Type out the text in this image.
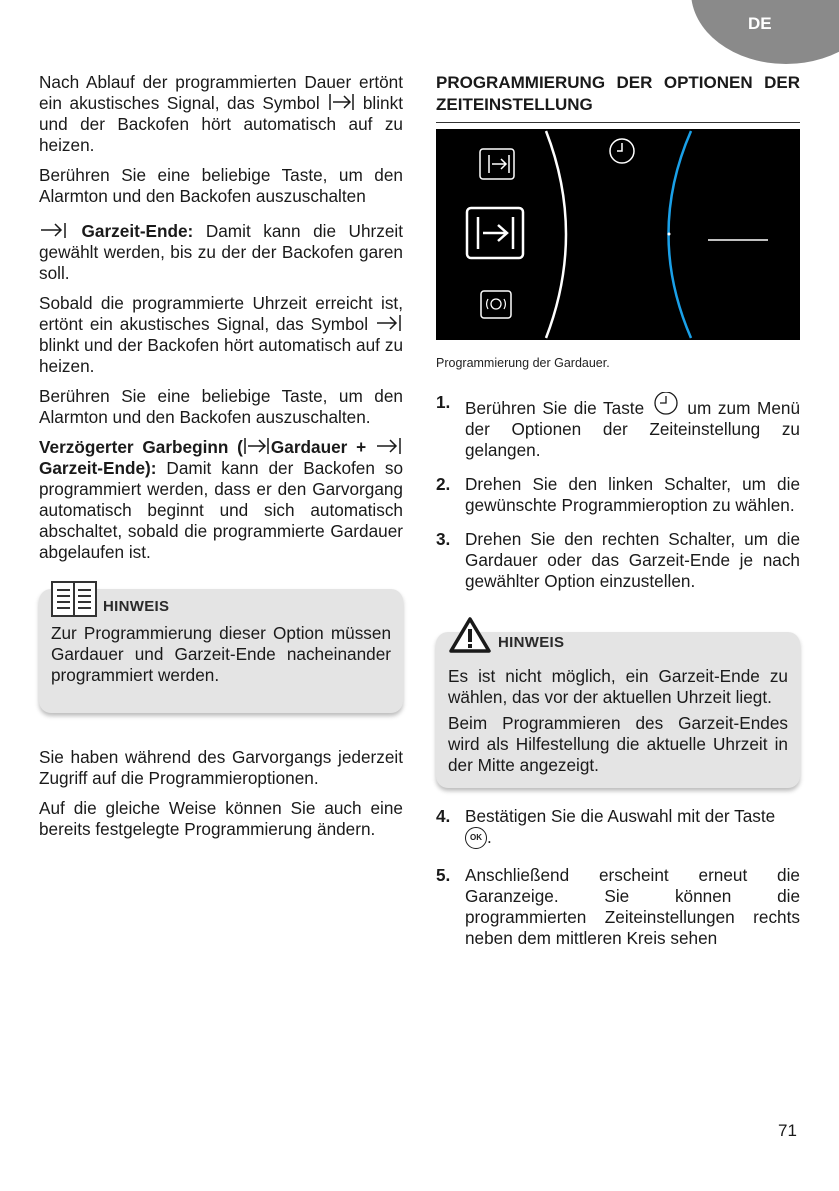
DE

Nach Ablauf der programmierten Dauer ertönt ein akustisches Signal, das Symbol	blinkt und der Backofen hört automatisch auf zu heizen.

Berühren Sie eine beliebige Taste, um den Alarmton und den Backofen auszuschalten

Garzeit-Ende: Damit kann die Uhrzeit gewählt werden, bis zu der der Backofen garen soll.

Sobald die programmierte Uhrzeit erreicht ist, ertönt ein akustisches Signal, das Symbol  blinkt und der Backofen hört automatisch auf zu heizen.

Berühren Sie eine beliebige Taste, um den Alarmton und den Backofen auszuschalten.

Verzögerter Garbeginn ( Gardauer +  Garzeit-Ende): Damit kann der Backofen so programmiert werden, dass er den Garvorgang automatisch beginnt und sich automatisch abschaltet, sobald die programmierte Gardauer abgelaufen ist.

HINWEIS

Zur Programmierung dieser Option müssen Gardauer und Garzeit-Ende nacheinander programmiert werden.

Sie haben während des Garvorgangs jederzeit Zugriff auf die Programmieroptionen.

Auf die gleiche Weise können Sie auch eine bereits festgelegte Programmierung ändern.

PROGRAMMIERUNG DER OPTIONEN DER ZEITEINSTELLUNG
Programmierung der Gardauer.
1. Berühren Sie die Taste	um zum Menü der Optionen der Zeiteinstellung zu gelangen.
2. Drehen Sie den linken Schalter, um die gewünschte Programmieroption zu wählen.
3. Drehen Sie den rechten Schalter, um die Gardauer oder das Garzeit-Ende je nach gewählter Option einzustellen.
HINWEIS

Es ist nicht möglich, ein Garzeit-Ende zu wählen, das vor der aktuellen Uhrzeit liegt.

Beim Programmieren des Garzeit-Endes wird als Hilfestellung die aktuelle Uhrzeit in der Mitte angezeigt.

4. Bestätigen Sie die Auswahl mit der Taste
OK .
5. Anschließend erscheint erneut die Garanzeige. Sie können die programmierten Zeiteinstellungen rechts neben dem mittleren Kreis sehen
71
